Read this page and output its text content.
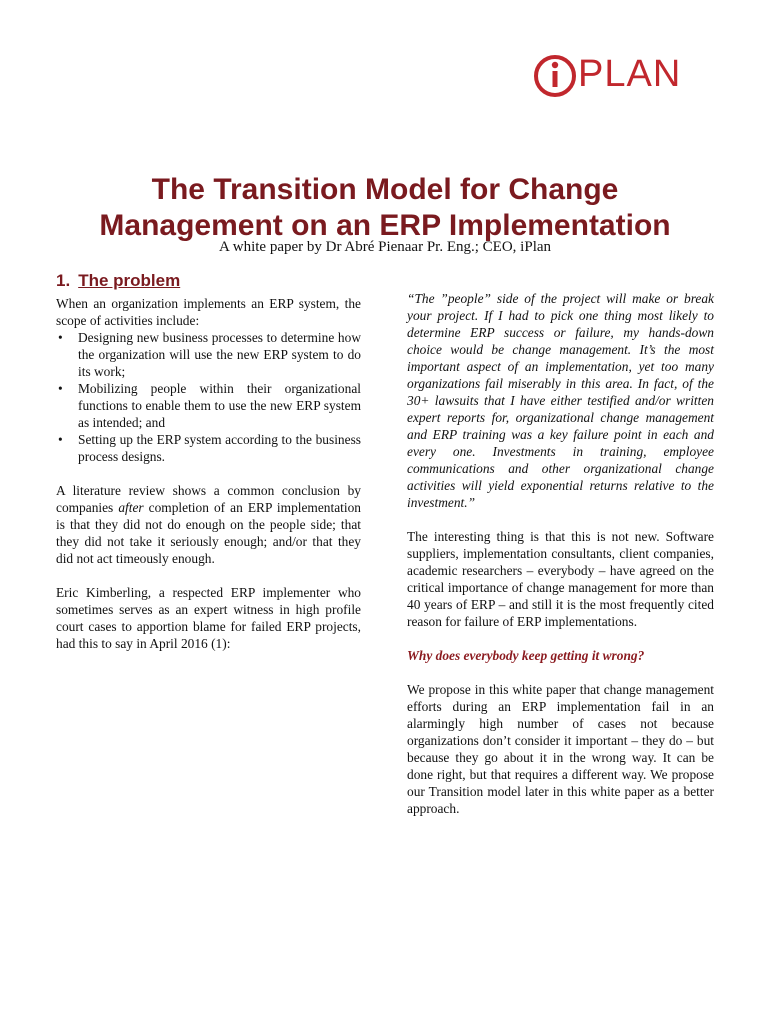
PLAN
The Transition Model for Change
Management on an ERP Implementation
A white paper by Dr Abré Pienaar Pr. Eng.; CEO, iPlan
1. The problem

When an organization implements an ERP system, the scope of activities include:

• Designing new business processes to determine how the organization will use the new ERP system to do its work;
• Mobilizing people within their organizational functions to enable them to use the new ERP system as intended; and
• Setting up the ERP system according to the business process designs.

A literature review shows a common conclusion by companies after completion of an ERP implementation is that they did not do enough on the people side; that they did not take it seriously enough; and/or that they did not act timeously enough.

Eric Kimberling, a respected ERP implementer who sometimes serves as an expert witness in high profile court cases to apportion blame for failed ERP projects, had this to say in April 2016 (1):

“The ”people” side of the project will make or break your project. If I had to pick one thing most likely to determine ERP success or failure, my hands-down choice would be change management. It’s the most important aspect of an implementation, yet too many organizations fail miserably in this area. In fact, of the 30+ lawsuits that I have either testified and/or written expert reports for, organizational change management and ERP training was a key failure point in each and every one. Investments in training, employee communications and other organizational change activities will yield exponential returns relative to the investment.”

The interesting thing is that this is not new. Software suppliers, implementation consultants, client companies, academic researchers – everybody – have agreed on the critical importance of change management for more than 40 years of ERP – and still it is the most frequently cited reason for failure of ERP implementations.

Why does everybody keep getting it wrong?

We propose in this white paper that change management efforts during an ERP implementation fail in an alarmingly high number of cases not because organizations don’t consider it important – they do – but because they go about it in the wrong way. It can be done right, but that requires a different way. We propose our Transition model later in this white paper as a better approach.
